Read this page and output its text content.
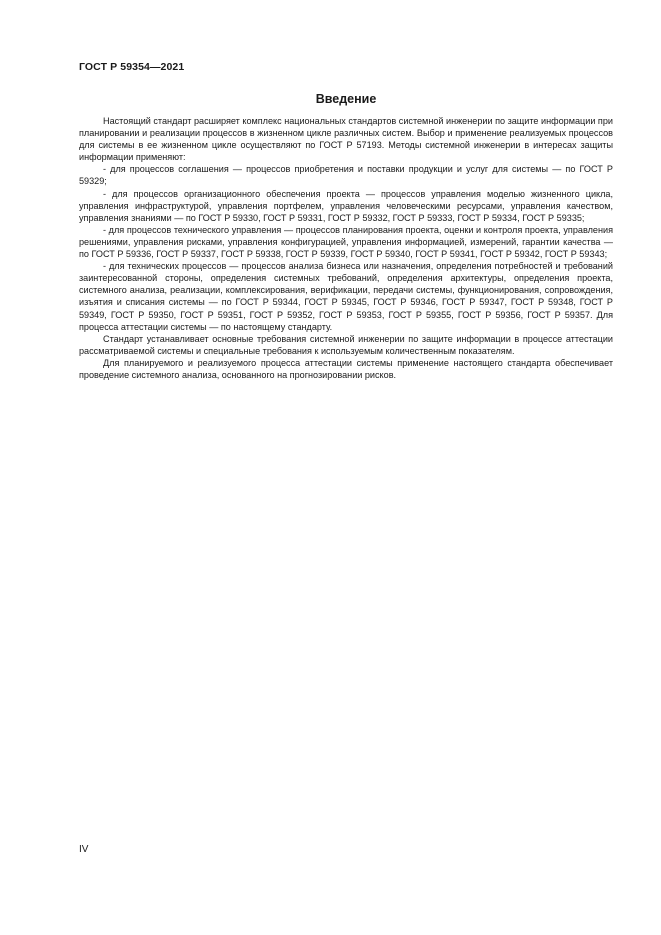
ГОСТ Р 59354—2021
Введение

Настоящий стандарт расширяет комплекс национальных стандартов системной инженерии по защите информации при планировании и реализации процессов в жизненном цикле различных систем. Выбор и применение реализуемых процессов для системы в ее жизненном цикле осуществляют по ГОСТ Р 57193. Методы системной инженерии в интересах защиты информации применяют:

- для процессов соглашения — процессов приобретения и поставки продукции и услуг для системы — по ГОСТ Р 59329;

- для процессов организационного обеспечения проекта — процессов управления моделью жизненного цикла, управления инфраструктурой, управления портфелем, управления человеческими ресурсами, управления качеством, управления знаниями — по ГОСТ Р 59330, ГОСТ Р 59331, ГОСТ Р 59332, ГОСТ Р 59333, ГОСТ Р 59334, ГОСТ Р 59335;

- для процессов технического управления — процессов планирования проекта, оценки и контроля проекта, управления решениями, управления рисками, управления конфигурацией, управления информацией, измерений, гарантии качества — по ГОСТ Р 59336, ГОСТ Р 59337, ГОСТ Р 59338, ГОСТ Р 59339, ГОСТ Р 59340, ГОСТ Р 59341, ГОСТ Р 59342, ГОСТ Р 59343;

- для технических процессов — процессов анализа бизнеса или назначения, определения потребностей и требований заинтересованной стороны, определения системных требований, определения архитектуры, определения проекта, системного анализа, реализации, комплексирования, верификации, передачи системы, функционирования, сопровождения, изъятия и списания системы — по ГОСТ Р 59344, ГОСТ Р 59345, ГОСТ Р 59346, ГОСТ Р 59347, ГОСТ Р 59348, ГОСТ Р 59349, ГОСТ Р 59350, ГОСТ Р 59351, ГОСТ Р 59352, ГОСТ Р 59353, ГОСТ Р 59355, ГОСТ Р 59356, ГОСТ Р 59357. Для процесса аттестации системы — по настоящему стандарту.

Стандарт устанавливает основные требования системной инженерии по защите информации в процессе аттестации рассматриваемой системы и специальные требования к используемым количественным показателям.

Для планируемого и реализуемого процесса аттестации системы применение настоящего стандарта обеспечивает проведение системного анализа, основанного на прогнозировании рисков.

IV
